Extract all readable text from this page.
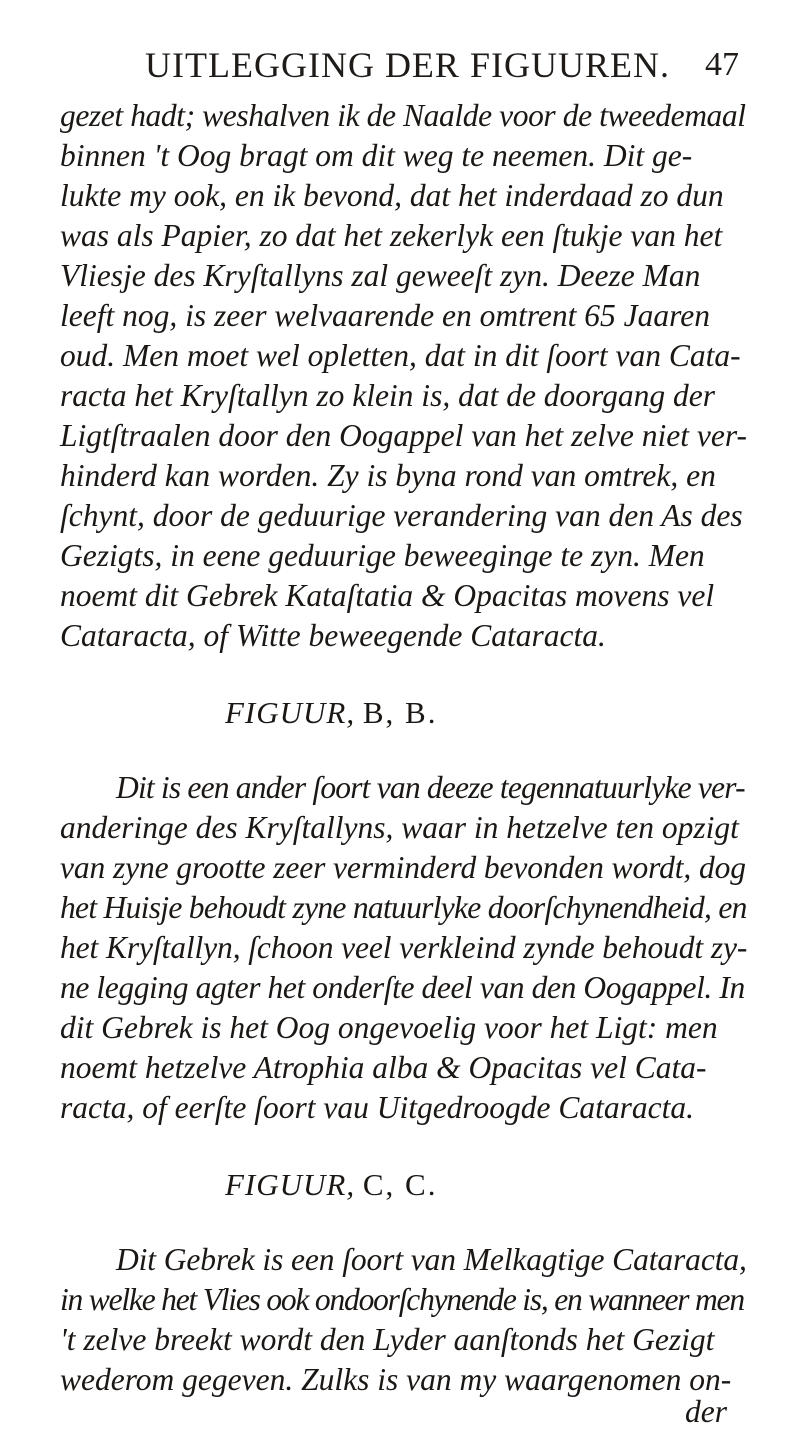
UITLEGGING DER FIGUUREN. 47
gezet hadt; weshalven ik de Naalde voor de tweedemaal
binnen 't Oog bragt om dit weg te neemen. Dit ge-
lukte my ook, en ik bevond, dat het inderdaad zo dun
was als Papier, zo dat het zekerlyk een ſtukje van het
Vliesje des Kryſtallyns zal geweeſt zyn. Deeze Man
leeft nog, is zeer welvaarende en omtrent 65 Jaaren
oud. Men moet wel opletten, dat in dit ſoort van Cata-
racta het Kryſtallyn zo klein is, dat de doorgang der
Ligtſtraalen door den Oogappel van het zelve niet ver-
hinderd kan worden. Zy is byna rond van omtrek, en
ſchynt, door de geduurige verandering van den As des
Gezigts, in eene geduurige beweeginge te zyn. Men
noemt dit Gebrek Kataſtatia & Opacitas movens vel
Cataracta, of Witte beweegende Cataracta.
FIGUUR, B, B.
Dit is een ander ſoort van deeze tegennatuurlyke ver-
anderinge des Kryſtallyns, waar in hetzelve ten opzigt
van zyne grootte zeer verminderd bevonden wordt, dog
het Huisje behoudt zyne natuurlyke doorſchynendheid, en
het Kryſtallyn, ſchoon veel verkleind zynde behoudt zy-
ne legging agter het onderſte deel van den Oogappel. In
dit Gebrek is het Oog ongevoelig voor het Ligt: men
noemt hetzelve Atrophia alba & Opacitas vel Cata-
racta, of eerſte ſoort vau Uitgedroogde Cataracta.
FIGUUR, C, C.
Dit Gebrek is een ſoort van Melkagtige Cataracta,
in welke het Vlies ook ondoorſchynende is, en wanneer men
't zelve breekt wordt den Lyder aanſtonds het Gezigt
wederom gegeven. Zulks is van my waargenomen on-
der
